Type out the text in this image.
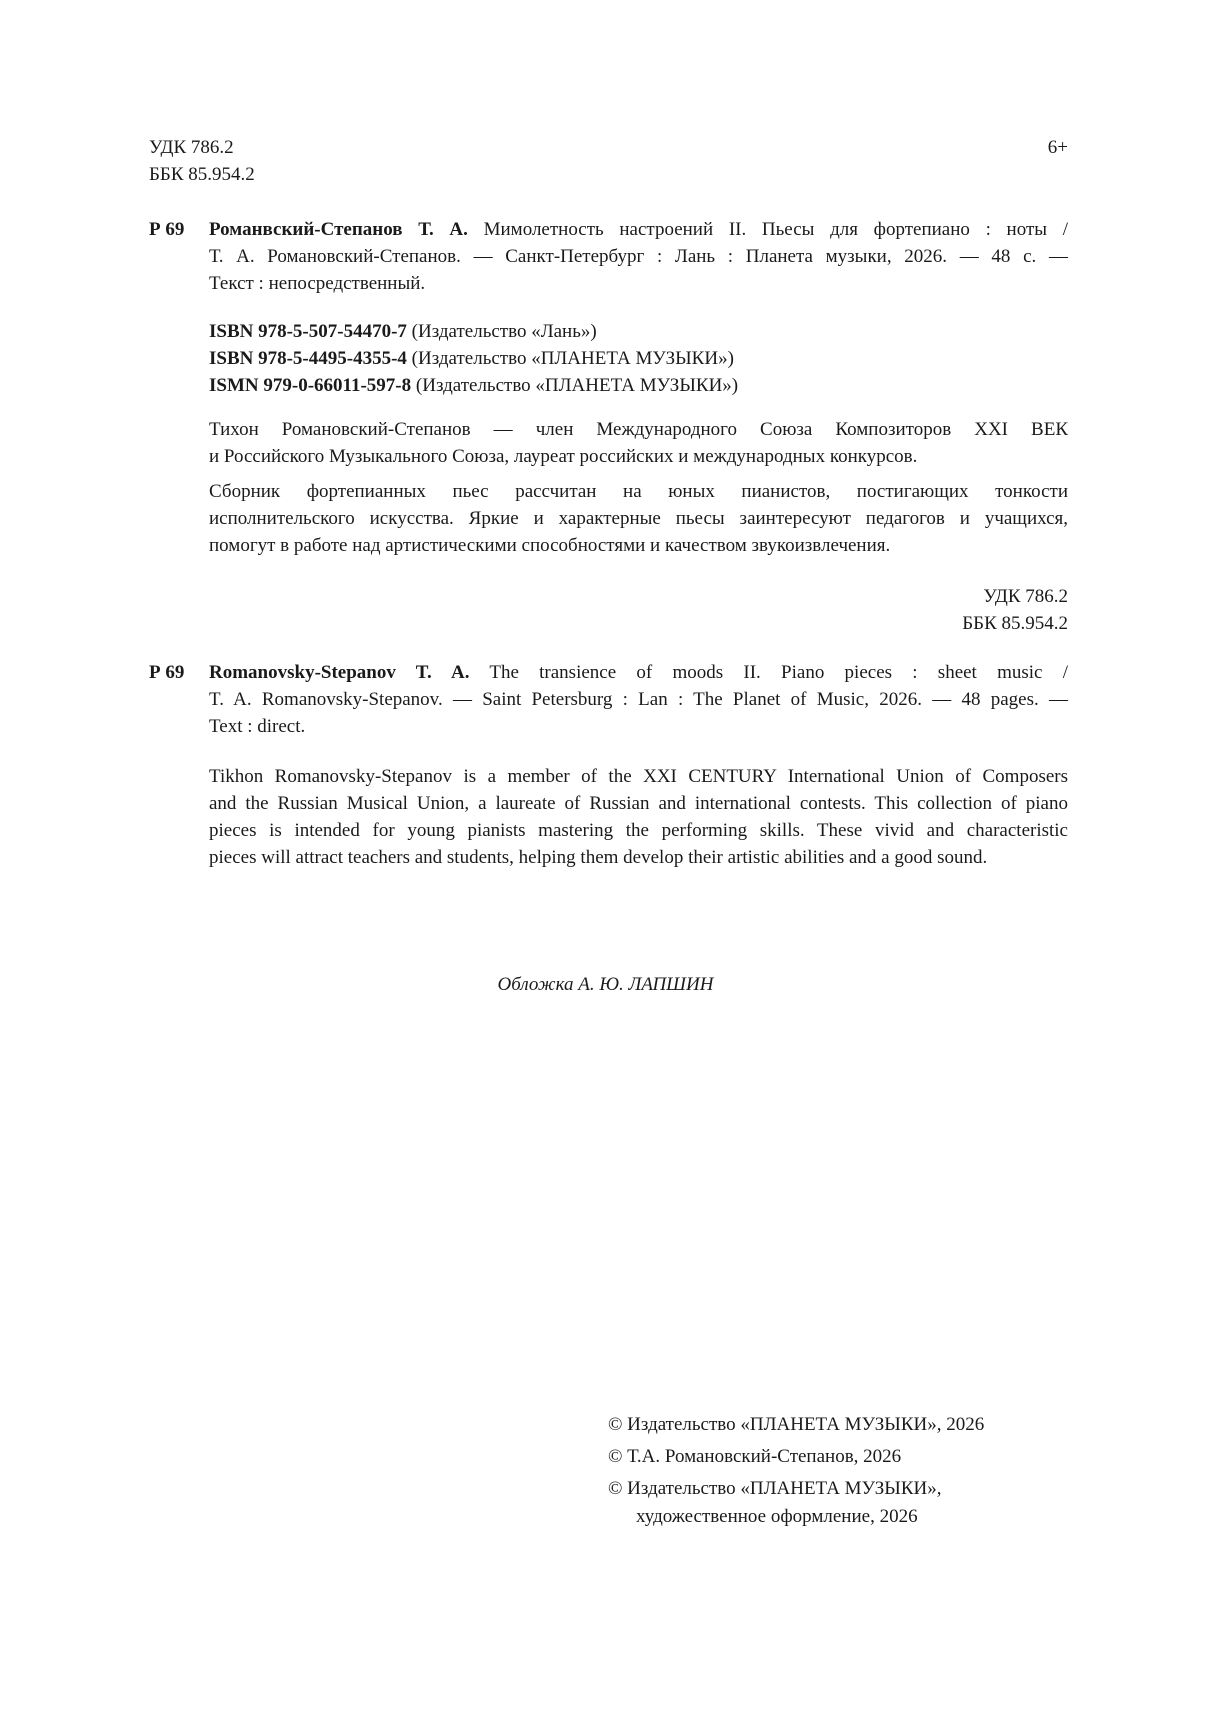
УДК 786.2
ББК 85.954.2
6+
Р 69 Романвский-Степанов Т. А. Мимолетность настроений II. Пьесы для фортепиано : ноты /

Т. А. Романовский-Степанов. — Санкт-Петербург : Лань : Планета музыки, 2026. — 48 с. —

Текст : непосредственный.

ISBN 978-5-507-54470-7 (Издательство «Лань»)

ISBN 978-5-4495-4355-4 (Издательство «ПЛАНЕТА МУЗЫКИ»)

ISMN 979-0-66011-597-8 (Издательство «ПЛАНЕТА МУЗЫКИ»)

Тихон Романовский-Степанов — член Международного Союза Композиторов XXI ВЕК

и Российского Музыкального Союза, лауреат российских и международных конкурсов.

Сборник фортепианных пьес рассчитан на юных пианистов, постигающих тонкости

исполнительского искусства. Яркие и характерные пьесы заинтересуют педагогов и учащихся,

помогут в работе над артистическими способностями и качеством звукоизвлечения.

УДК 786.2
ББК 85.954.2
Р 69 Romanovsky-Stepanov T. A. The transience of moods II. Piano pieces : sheet music /

T. A. Romanovsky-Stepanov. — Saint Petersburg : Lan : The Planet of Music, 2026. — 48 pages. —

Text : direct.

Tikhon Romanovsky-Stepanov is a member of the XXI CENTURY International Union of Composers

and the Russian Musical Union, a laureate of Russian and international contests. This collection of piano

pieces is intended for young pianists mastering the performing skills. These vivid and characteristic

pieces will attract teachers and students, helping them develop their artistic abilities and a good sound.

Обложка А. Ю. ЛАПШИН

© Издательство «ПЛАНЕТА МУЗЫКИ», 2026

© Т.А. Романовский-Степанов, 2026

© Издательство «ПЛАНЕТА МУЗЫКИ»,

художественное оформление, 2026
